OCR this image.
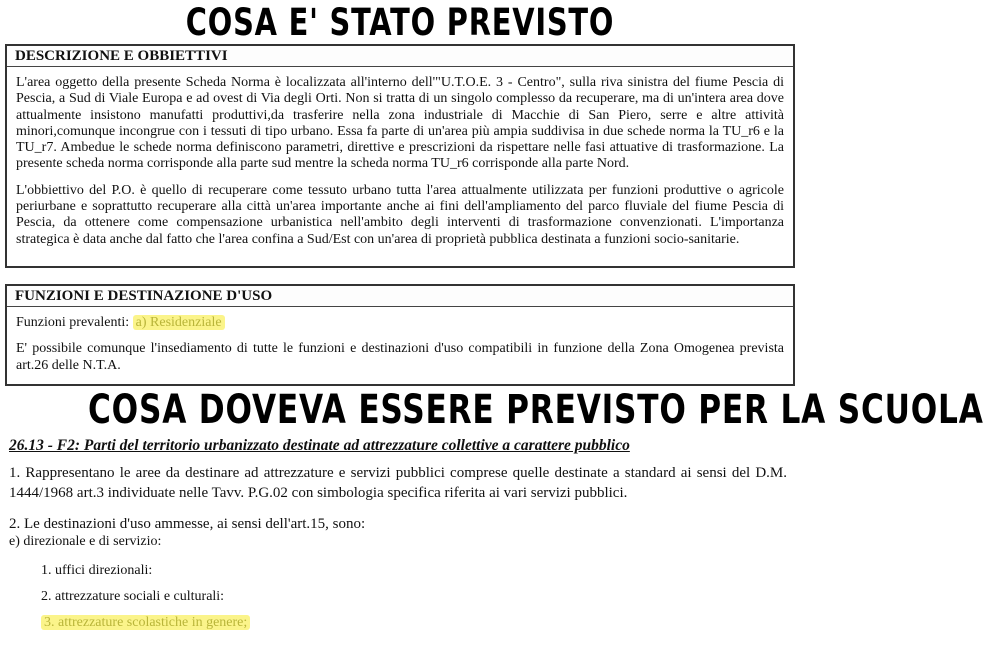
COSA E' STATO PREVISTO
DESCRIZIONE E OBBIETTIVI

L'area oggetto della presente Scheda Norma è localizzata all'interno dell'"U.T.O.E. 3 - Centro", sulla riva sinistra del fiume Pescia di Pescia, a Sud di Viale Europa e ad ovest di Via degli Orti. Non si tratta di un singolo complesso da recuperare, ma di un'intera area dove attualmente insistono manufatti produttivi,da trasferire nella zona industriale di Macchie di San Piero, serre e altre attività minori,comunque incongrue con i tessuti di tipo urbano. Essa fa parte di un'area più ampia suddivisa in due schede norma la TU_r6 e la TU_r7. Ambedue le schede norma definiscono parametri, direttive e prescrizioni da rispettare nelle fasi attuative di trasformazione. La presente scheda norma corrisponde alla parte sud mentre la scheda norma TU_r6 corrisponde alla parte Nord.

L'obbiettivo del P.O. è quello di recuperare come tessuto urbano tutta l'area attualmente utilizzata per funzioni produttive o agricole periurbane e soprattutto recuperare alla città un'area importante anche ai fini dell'ampliamento del parco fluviale del fiume Pescia di Pescia, da ottenere come compensazione urbanistica nell'ambito degli interventi di trasformazione convenzionati. L'importanza strategica è data anche dal fatto che l'area confina a Sud/Est con un'area di proprietà pubblica destinata a funzioni socio-sanitarie.

FUNZIONI E DESTINAZIONE D'USO

Funzioni prevalenti: a) Residenziale

E' possibile comunque l'insediamento di tutte le funzioni e destinazioni d'uso compatibili in funzione della Zona Omogenea prevista art.26 delle N.T.A.

COSA DOVEVA ESSERE PREVISTO PER LA SCUOLA
26.13 - F2: Parti del territorio urbanizzato destinate ad attrezzature collettive a carattere pubblico

1. Rappresentano le aree da destinare ad attrezzature e servizi pubblici comprese quelle destinate a standard ai sensi del D.M. 1444/1968 art.3 individuate nelle Tavv. P.G.02 con simbologia specifica riferita ai vari servizi pubblici.

2. Le destinazioni d'uso ammesse, ai sensi dell'art.15, sono:

e) direzionale e di servizio:

1. uffici direzionali:

2. attrezzature sociali e culturali:

3. attrezzature scolastiche in genere;
